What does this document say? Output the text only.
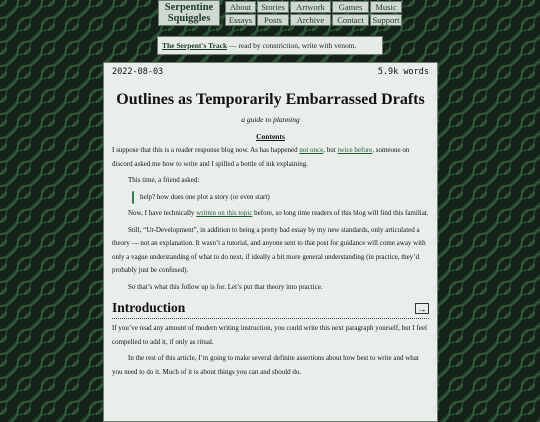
Serpentine
Squiggles
About	Stories	Artwork	Games	Music
Essays	Posts	Archive	Contact	Support
The Serpent's Track — read by constriction, write with venom.
2022-08-03	5.9k words
Outlines as Temporarily Embarrassed Drafts
a guide to planning
Contents

I suppose that this is a reader response blog now. As has happened not once, but twice before, someone on discord asked me how to write and I spilled a bottle of ink explaining.

This time, a friend asked:

help? how does one plot a story (or even start)

Now, I have technically written on this topic before, so long time readers of this blog will find this familiar.

Still, “Ur-Development”, in addition to being a pretty bad essay by my new standards, only articulated a theory — not an explanation. It wasn’t a tutorial, and anyone sent to that post for guidance will come away with only a vague understanding of what to do next, if ideally a bit more general understanding (in practice, they’d probably just be confused).

So that’s what this follow up is for. Let’s put that theory into practice.

Introduction	→

If you’ve read any amount of modern writing instruction, you could write this next paragraph yourself, but I feel compelled to add it, if only as ritual.

In the rest of this article, I’m going to make several definite assertions about how best to write and what you need to do it. Much of it is about things you can and should do.
